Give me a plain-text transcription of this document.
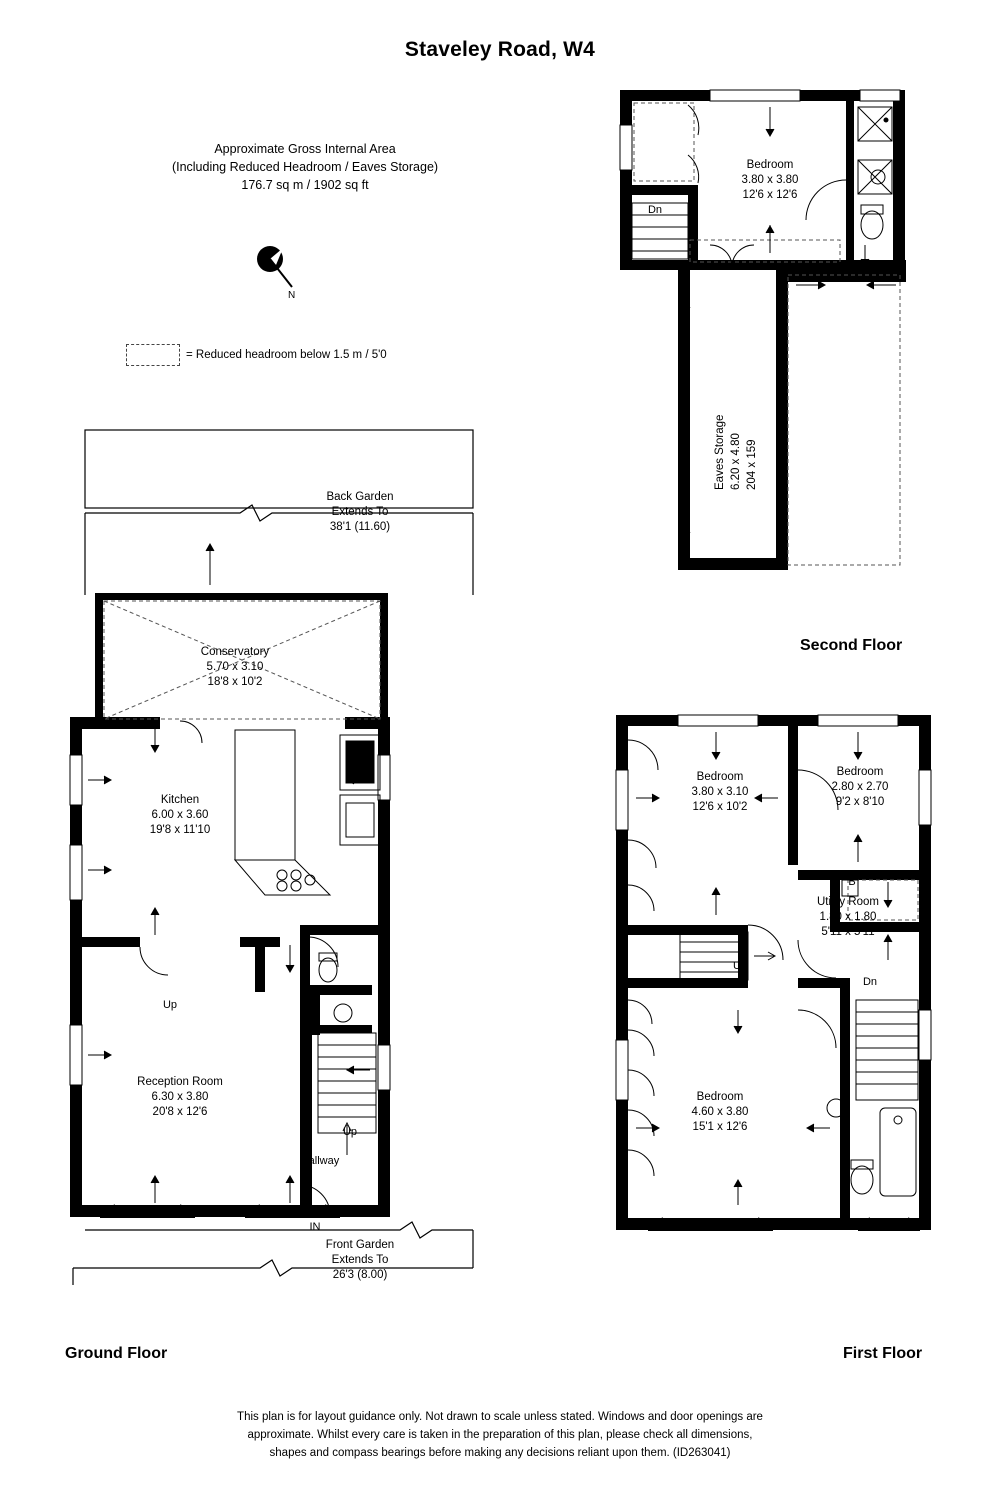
Staveley Road, W4
Approximate Gross Internal Area
(Including Reduced Headroom / Eaves Storage)
176.7 sq m / 1902 sq ft
N
= Reduced headroom below 1.5 m / 5'0
Back Garden
Extends To
38'1 (11.60)
Conservatory
5.70 x 3.10
18'8 x 10'2
Kitchen
6.00 x 3.60
19'8 x 11'10
Reception Room
6.30 x 3.80
20'8 x 12'6
Hallway
Up
Up
IN
Front Garden
Extends To
26'3 (8.00)
Ground Floor
Bedroom
3.80 x 3.80
12'6 x 12'6
Dn
Eaves Storage 6.20 x 4.80 204 x 159
Second Floor
Bedroom
3.80 x 3.10
12'6 x 10'2
Bedroom
2.80 x 2.70
9'2 x 8'10
Bedroom
4.60 x 3.80
15'1 x 12'6
Utility Room
1.80 x 1.80
5'11 x 5'11
B
Up
Dn
First Floor
This plan is for layout guidance only. Not drawn to scale unless stated. Windows and door openings are
approximate. Whilst every care is taken in the preparation of this plan, please check all dimensions,
shapes and compass bearings before making any decisions reliant upon them. (ID263041)
